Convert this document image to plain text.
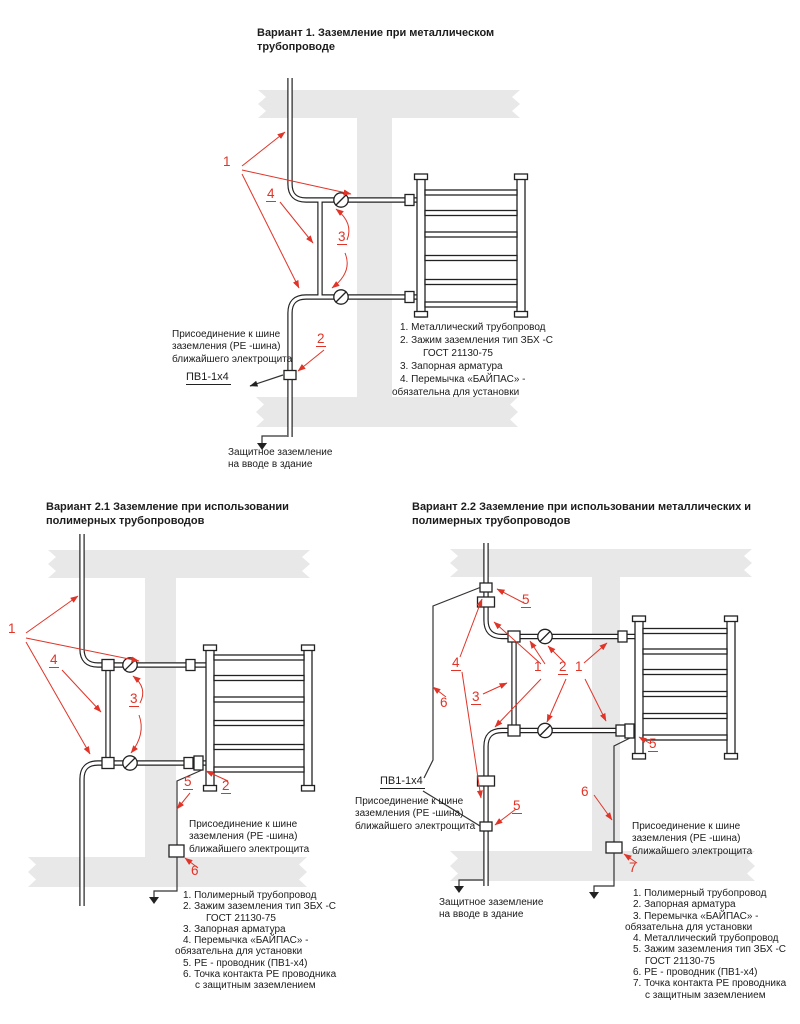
Вариант 1. Заземление при металлическом
трубопроводе
Присоединение к шине
заземления (PE -шина)
ближайшего электрощита
ПВ1-1x4
1. Металлический трубопровод
2. Зажим заземления тип ЗБХ -С
ГОСТ 21130-75
3. Запорная арматура
4. Перемычка «БАЙПАС» -
обязательна для установки
Защитное заземление
на вводе в здание
1
4
3
2
Вариант 2.1 Заземление при использовании
полимерных трубопроводов
Присоединение к шине
заземления (PE -шина)
ближайшего электрощита
1. Полимерный трубопровод
2. Зажим заземления тип ЗБХ -С
ГОСТ 21130-75
3. Запорная арматура
4. Перемычка «БАЙПАС» -
обязательна для установки
5. PE - проводник (ПВ1-x4)
6. Точка контакта PE проводника
с защитным заземлением
1
4
3
5 2
6
Вариант 2.2 Заземление при использовании металлических и
полимерных трубопроводов
ПВ1-1x4
Присоединение к шине
заземления (PE -шина)
ближайшего электрощита	Присоединение к шине
заземления (PE -шина)
ближайшего электрощита
Защитное заземление
на вводе в здание
1. Полимерный трубопровод
2. Запорная арматура
3. Перемычка «БАЙПАС» -
обязательна для установки
4. Металлический трубопровод
5. Зажим заземления тип ЗБХ -С
ГОСТ 21130-75
6. PE - проводник (ПВ1-x4)
7. Точка контакта PE проводника
с защитным заземлением
5
4
6 3
1 2 1
5
5
6
7
